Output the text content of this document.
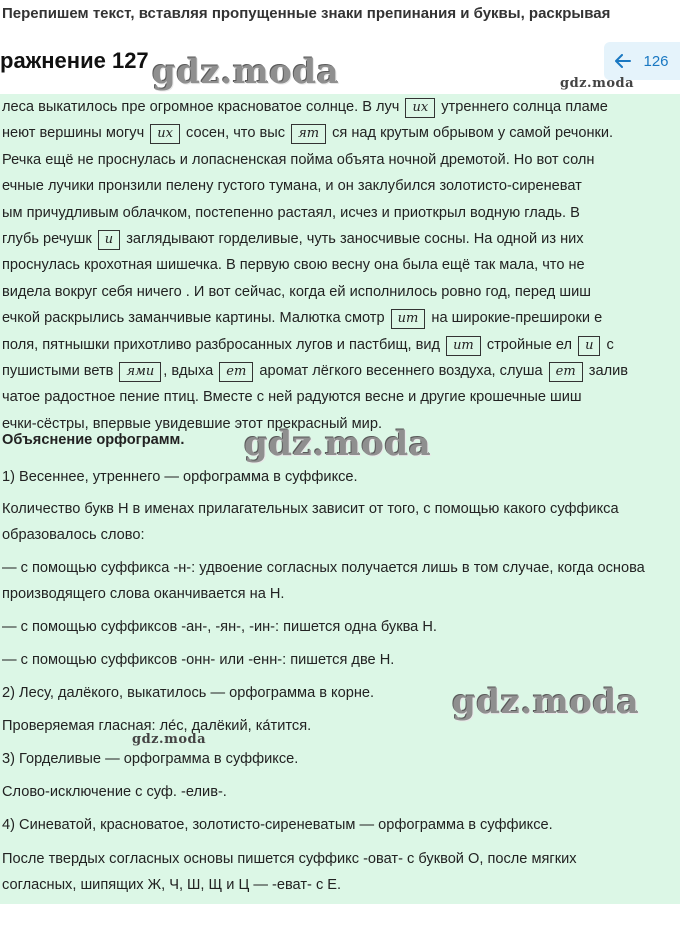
Перепишем текст, вставляя пропущенные знаки препинания и буквы, раскрывая
ражнение 127	126
gdz.moda	gdz.moda

леса выкатилось пре огромное красноватое солнце. В луч их утреннего солнца пламе

неют вершины могуч их сосен, что выс ят ся над крутым обрывом у самой речонки.

Речка ещё не проснулась и лопасненская пойма объята ночной дремотой. Но вот солн

ечные лучики пронзили пелену густого тумана, и он заклубился золотисто-сиреневат

ым причудливым облачком, постепенно растаял, исчез и приоткрыл водную гладь. В

глубь речушк и заглядывают горделивые, чуть заносчивые сосны. На одной из них

проснулась крохотная шишечка. В первую свою весну она была ещё так мала, что не

видела вокруг себя ничего . И вот сейчас, когда ей исполнилось ровно год, перед шиш

ечкой раскрылись заманчивые картины. Малютка смотр ит на широкие-прешироки е

поля, пятнышки прихотливо разбросанных лугов и пастбищ, вид ит стройные ел и с

пушистыми ветв ями , вдыха ет аромат лёгкого весеннего воздуха, слуша ет залив

чатое радостное пение птиц. Вместе с ней радуются весне и другие крошечные шиш

ечки-сёстры, впервые увидевшие этот прекрасный мир.

Объяснение орфограмм.
1) Весеннее, утреннего — орфограмма в суффиксе.
Количество букв Н в именах прилагательных зависит от того, с помощью какого суффикса образовалось слово:
— с помощью суффикса -н-: удвоение согласных получается лишь в том случае, когда основа производящего слова оканчивается на Н.
— с помощью суффиксов -ан-, -ян-, -ин-: пишется одна буква Н.
— с помощью суффиксов -онн- или -енн-: пишется две Н.
2) Лесу, далёкого, выкатилось — орфограмма в корне.
Проверяемая гласная: ле́с, далёкий, ка́тится.
3) Горделивые — орфограмма в суффиксе.
Слово-исключение с суф. -елив-.
4) Синеватой, красноватое, золотисто-сиреневатым — орфограмма в суффиксе.
После твердых согласных основы пишется суффикс -оват- с буквой О, после мягких согласных, шипящих Ж, Ч, Ш, Щ и Ц — -еват- с Е.
gdz.moda
gdz.moda
gdz.moda
